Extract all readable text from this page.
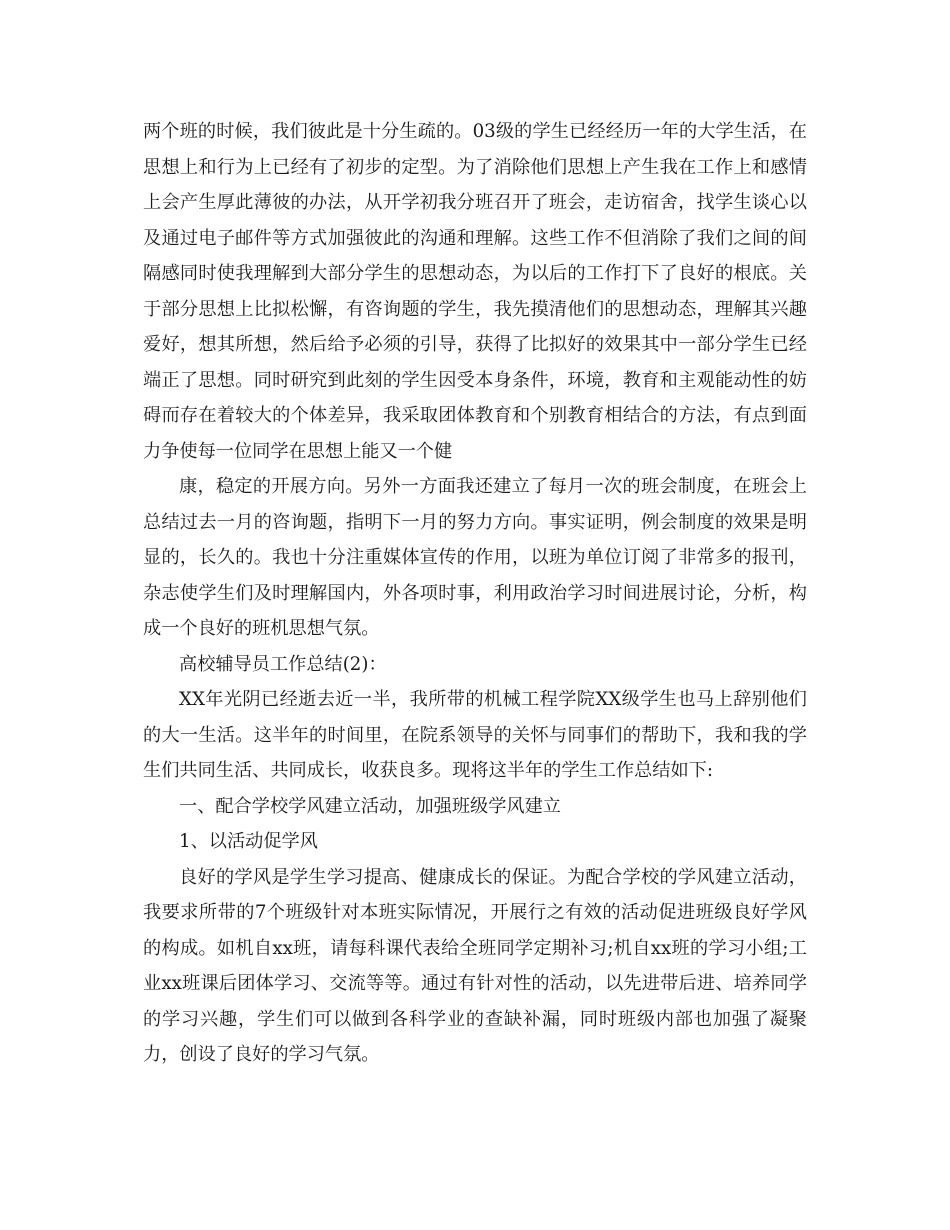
两个班的时候，我们彼此是十分生疏的。03级的学生已经经历一年的大学生活，在思想上和行为上已经有了初步的定型。为了消除他们思想上产生我在工作上和感情上会产生厚此薄彼的办法，从开学初我分班召开了班会，走访宿舍，找学生谈心以及通过电子邮件等方式加强彼此的沟通和理解。这些工作不但消除了我们之间的间隔感同时使我理解到大部分学生的思想动态，为以后的工作打下了良好的根底。关于部分思想上比拟松懈，有咨询题的学生，我先摸清他们的思想动态，理解其兴趣爱好，想其所想，然后给予必须的引导，获得了比拟好的效果其中一部分学生已经端正了思想。同时研究到此刻的学生因受本身条件，环境，教育和主观能动性的妨碍而存在着较大的个体差异，我采取团体教育和个别教育相结合的方法，有点到面力争使每一位同学在思想上能又一个健

康，稳定的开展方向。另外一方面我还建立了每月一次的班会制度，在班会上总结过去一月的咨询题，指明下一月的努力方向。事实证明，例会制度的效果是明显的，长久的。我也十分注重媒体宣传的作用，以班为单位订阅了非常多的报刊，杂志使学生们及时理解国内，外各项时事，利用政治学习时间进展讨论，分析，构成一个良好的班机思想气氛。

高校辅导员工作总结(2)：

XX年光阴已经逝去近一半，我所带的机械工程学院XX级学生也马上辞别他们的大一生活。这半年的时间里，在院系领导的关怀与同事们的帮助下，我和我的学生们共同生活、共同成长，收获良多。现将这半年的学生工作总结如下:

一、配合学校学风建立活动，加强班级学风建立

1、以活动促学风

良好的学风是学生学习提高、健康成长的保证。为配合学校的学风建立活动，我要求所带的7个班级针对本班实际情况，开展行之有效的活动促进班级良好学风的构成。如机自xx班，请每科课代表给全班同学定期补习;机自xx班的学习小组;工业xx班课后团体学习、交流等等。通过有针对性的活动，以先进带后进、培养同学的学习兴趣，学生们可以做到各科学业的查缺补漏，同时班级内部也加强了凝聚力，创设了良好的学习气氛。
